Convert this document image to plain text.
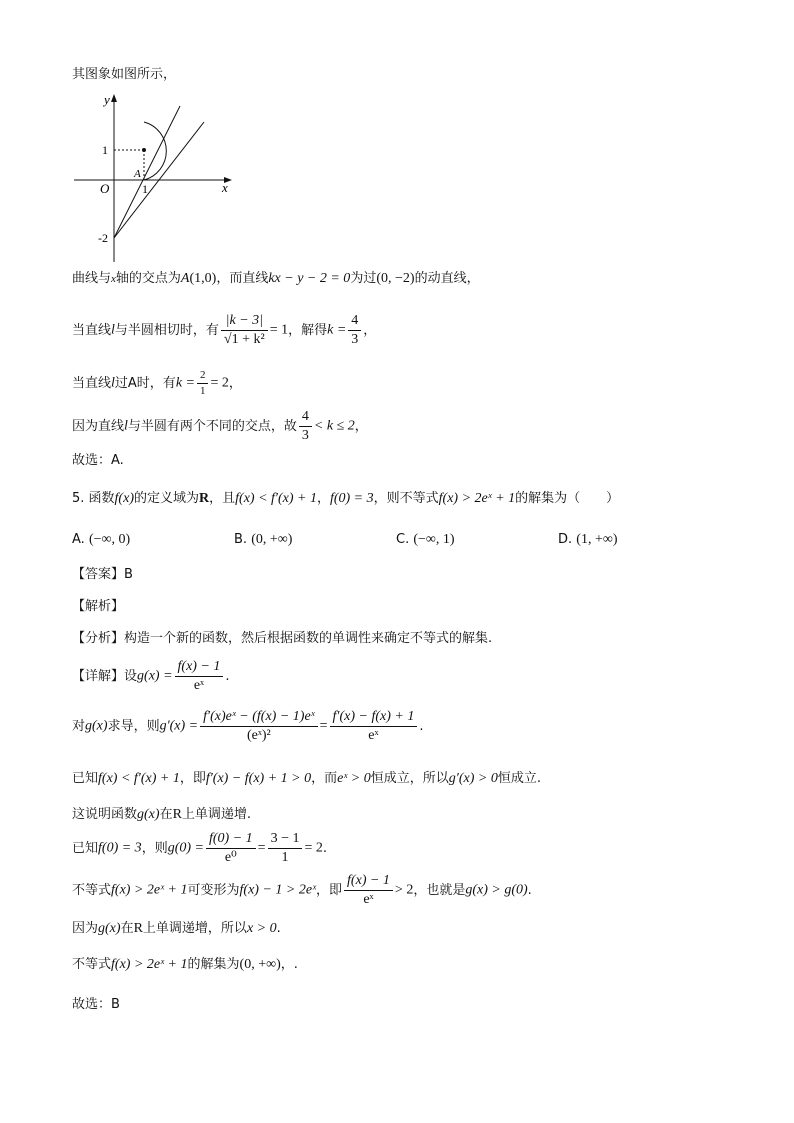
其图象如图所示，
y
x
O
1
1
-2
A
曲线与x轴的交点为A(1,0)，而直线kx − y − 2 = 0为过(0, −2)的动直线，
当直线l与半圆相切时，有 $\frac{|k - 3|}{\text{√1 + k²}} = 1$，解得$k = \frac{4}{3}$ ，
当直线l过A时，有$k = \frac{2}{1} = 2$，
因为直线l与半圆有两个不同的交点，故 $\frac{4}{3} < k \le 2$，
故选：A.
5. 函数f(x)的定义域为R，且f(x) < f′(x) + 1，f(0) = 3，则不等式f(x) > 2eˣ + 1的解集为（　　）
A. (−∞, 0)	B. (0, +∞)	C. (−∞, 1)	D. (1, +∞)
【答案】B
【解析】
【分析】构造一个新的函数，然后根据函数的单调性来确定不等式的解集.
【详解】设$g(x) = \frac{f(x) - 1}{\text{eˣ}}$ .
对g(x)求导，则$g'(x) = \frac{\text{f′(x)eˣ − (f(x) − 1)eˣ}}{\text{(eˣ)²}} = \frac{f'(x) - f(x) + 1}{\text{eˣ}}$ .
已知f(x) < f′(x) + 1，即f′(x) − f(x) + 1 > 0，而eˣ > 0恒成立，所以g′(x) > 0恒成立.
这说明函数g(x)在R上单调递增.
已知f(0) = 3，则$g(0) = \frac{f(0) - 1}{\text{e⁰}} = \frac{3 - 1}{1} = 2$.
不等式f(x) > 2eˣ + 1可变形为f(x) − 1 > 2eˣ，即 $\frac{f(x) - 1}{\text{eˣ}} > 2$，也就是g(x) > g(0).
因为g(x)在R上单调递增，所以x > 0.
不等式f(x) > 2eˣ + 1的解集为(0, +∞)，.
故选：B
